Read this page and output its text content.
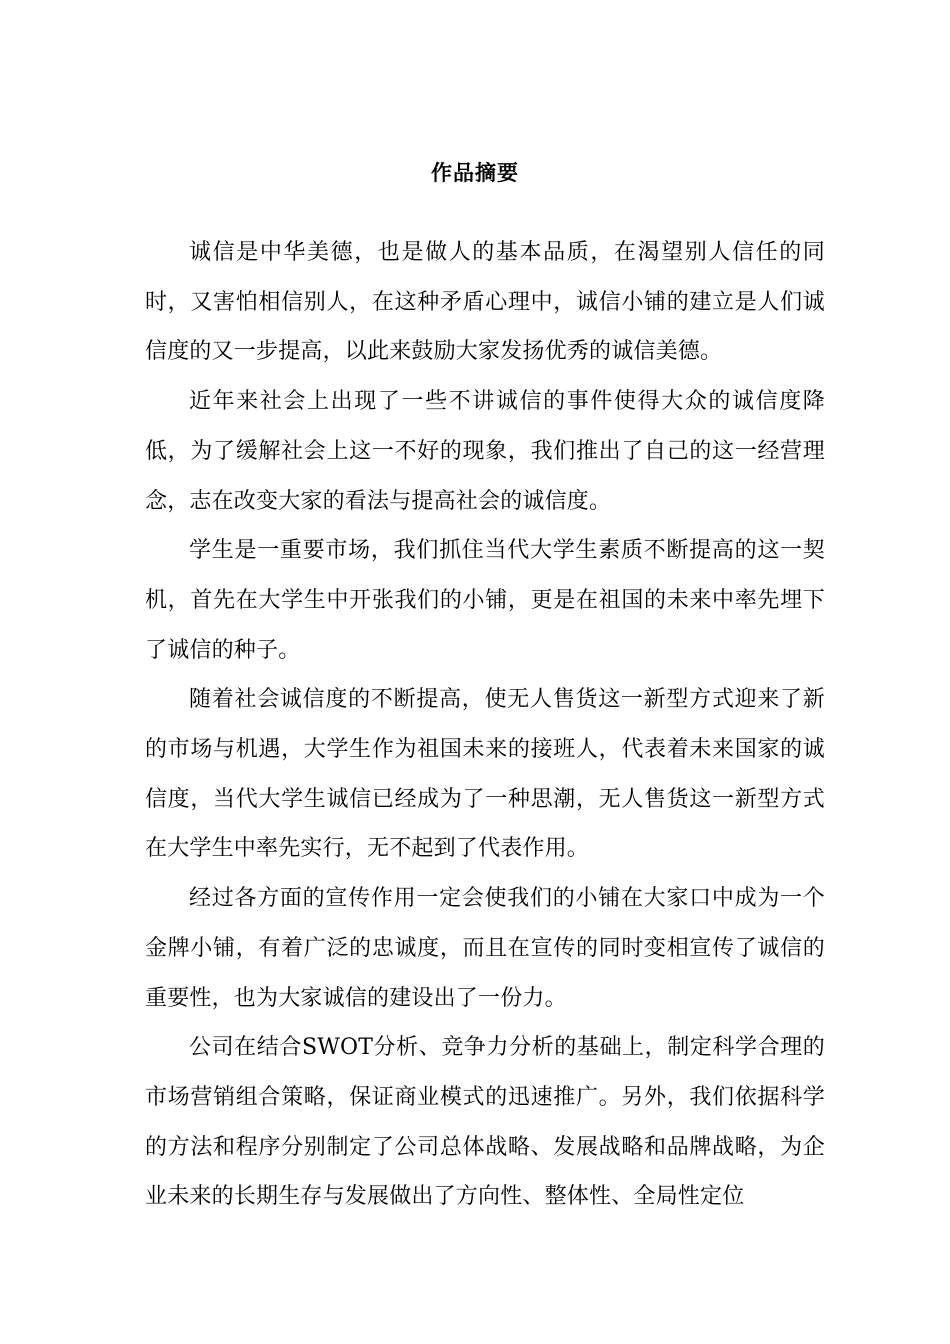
作品摘要

诚信是中华美德，也是做人的基本品质，在渴望别人信任的同时，又害怕相信别人，在这种矛盾心理中，诚信小铺的建立是人们诚信度的又一步提高，以此来鼓励大家发扬优秀的诚信美德。

近年来社会上出现了一些不讲诚信的事件使得大众的诚信度降低，为了缓解社会上这一不好的现象，我们推出了自己的这一经营理念，志在改变大家的看法与提高社会的诚信度。

学生是一重要市场，我们抓住当代大学生素质不断提高的这一契机，首先在大学生中开张我们的小铺，更是在祖国的未来中率先埋下了诚信的种子。

随着社会诚信度的不断提高，使无人售货这一新型方式迎来了新的市场与机遇，大学生作为祖国未来的接班人，代表着未来国家的诚信度，当代大学生诚信已经成为了一种思潮，无人售货这一新型方式在大学生中率先实行，无不起到了代表作用。

经过各方面的宣传作用一定会使我们的小铺在大家口中成为一个金牌小铺，有着广泛的忠诚度，而且在宣传的同时变相宣传了诚信的重要性，也为大家诚信的建设出了一份力。

公司在结合SWOT分析、竞争力分析的基础上，制定科学合理的市场营销组合策略，保证商业模式的迅速推广。另外，我们依据科学的方法和程序分别制定了公司总体战略、发展战略和品牌战略，为企业未来的长期生存与发展做出了方向性、整体性、全局性定位
